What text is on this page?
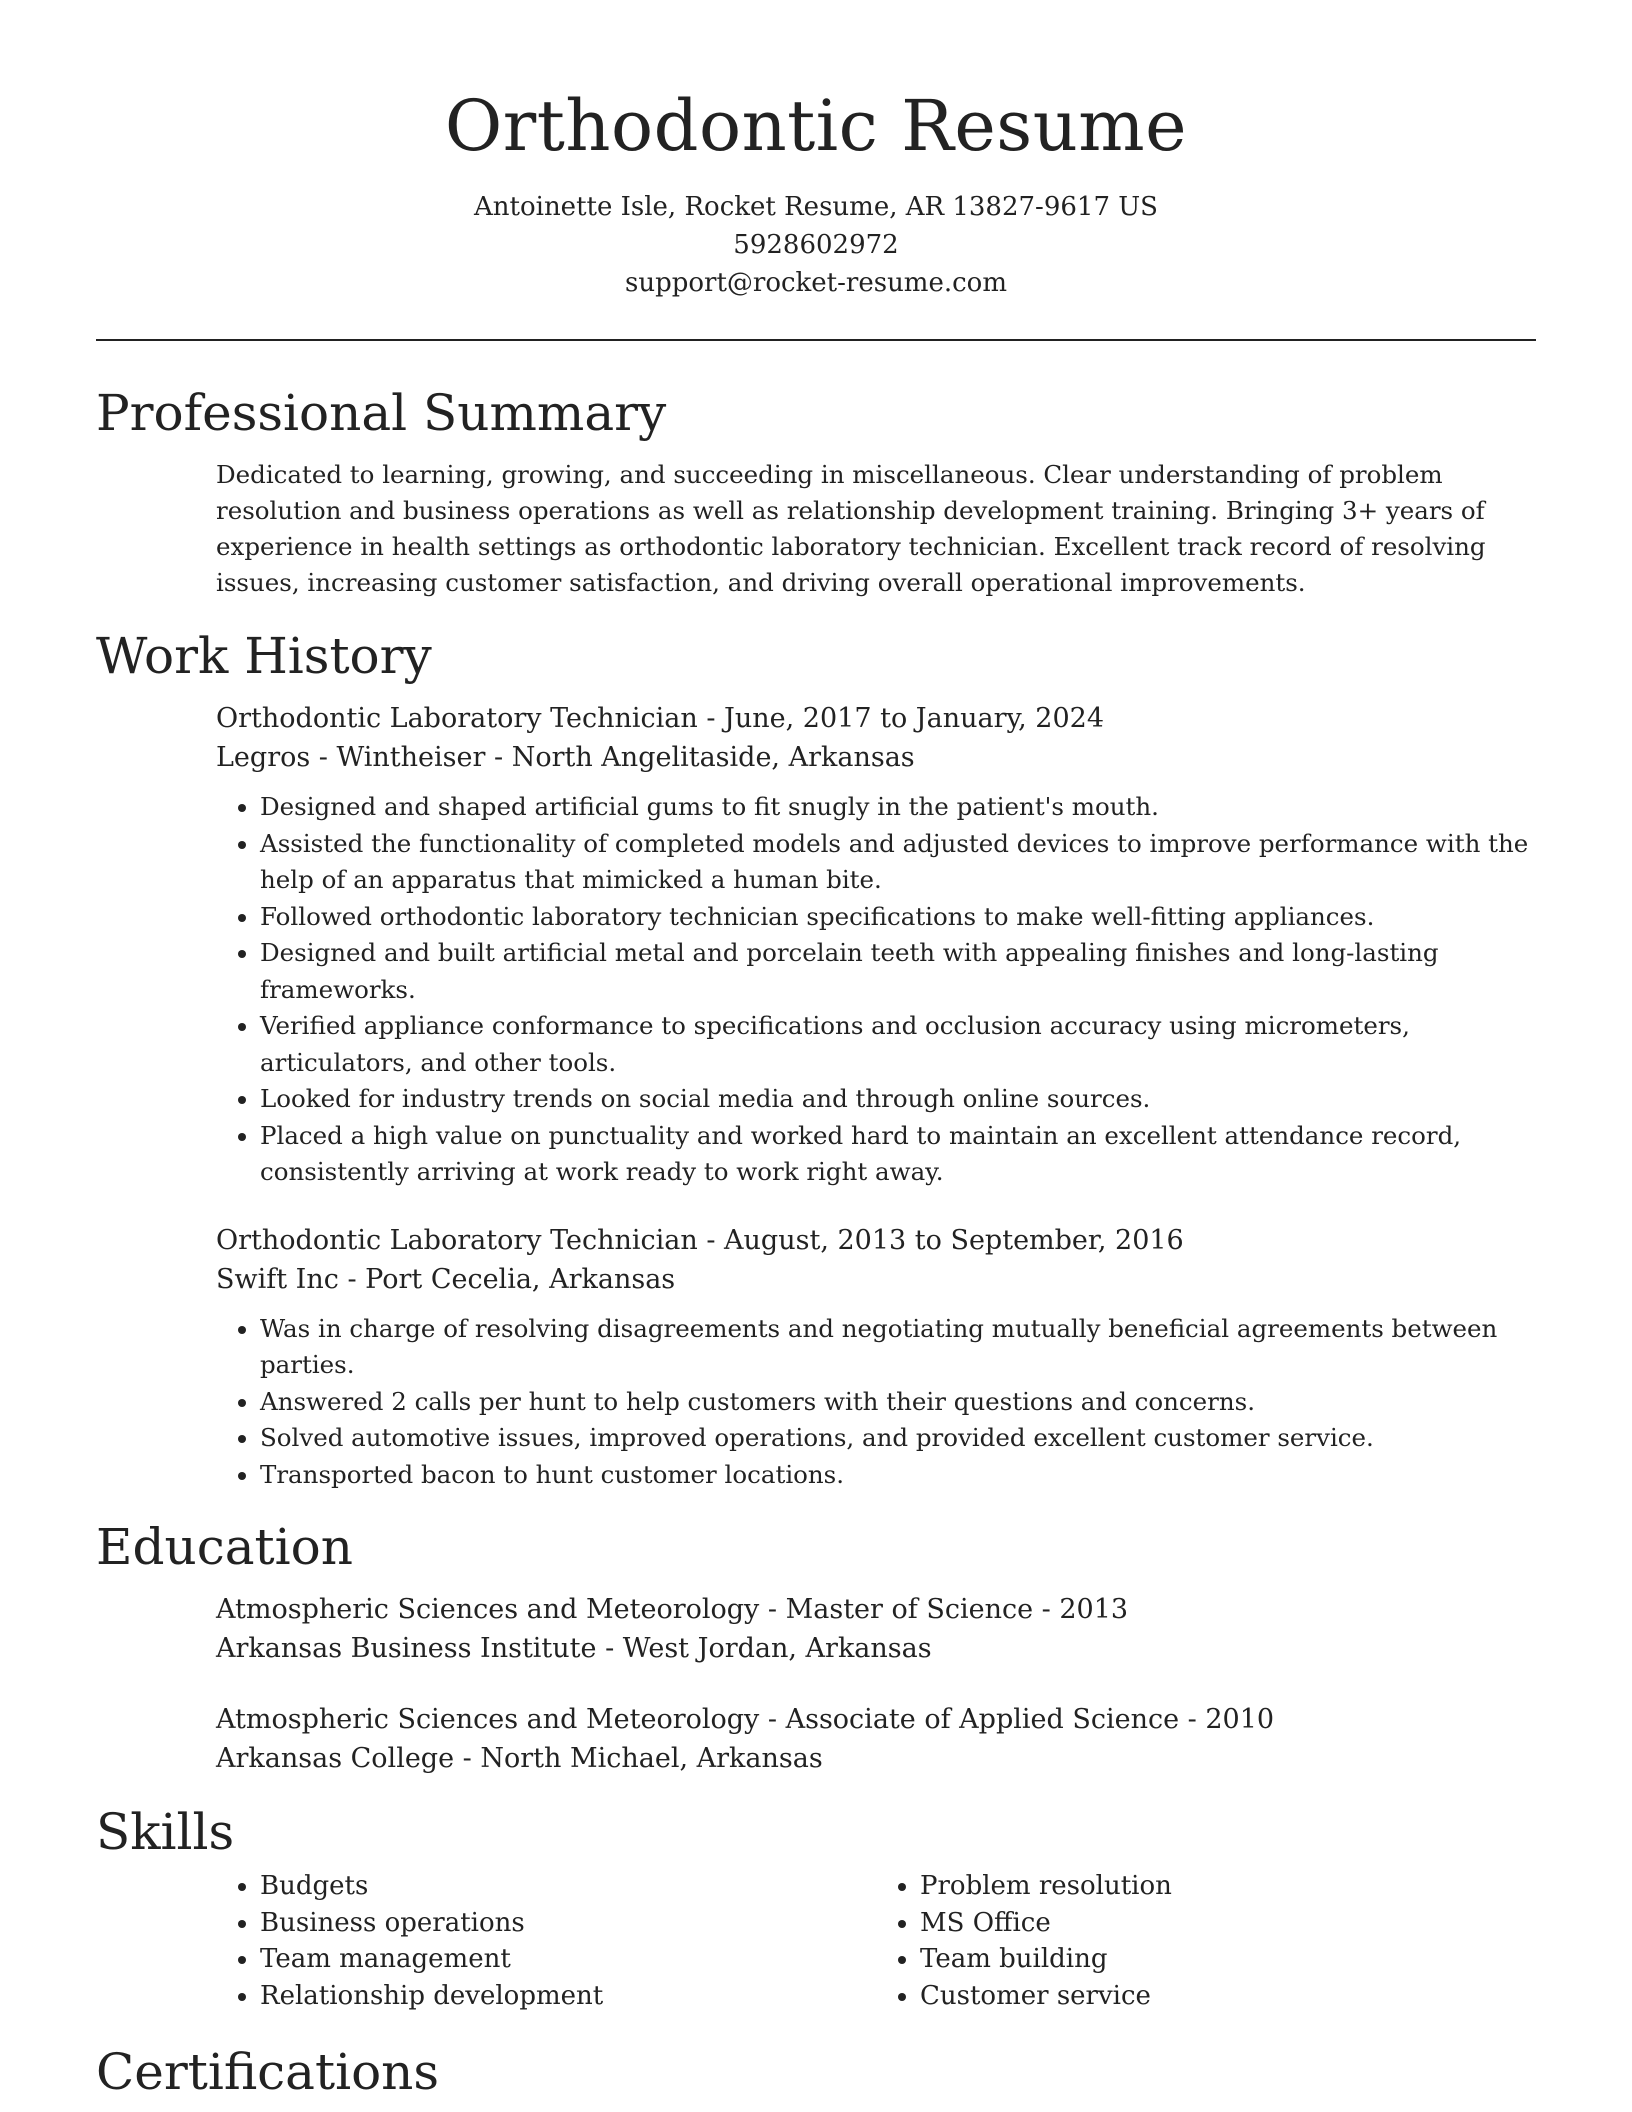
Orthodontic Resume
Antoinette Isle, Rocket Resume, AR 13827-9617 US
5928602972
support@rocket-resume.com
Professional Summary

Dedicated to learning, growing, and succeeding in miscellaneous. Clear understanding of problem resolution and business operations as well as relationship development training. Bringing 3+ years of experience in health settings as orthodontic laboratory technician. Excellent track record of resolving issues, increasing customer satisfaction, and driving overall operational improvements.

Work History
Orthodontic Laboratory Technician - June, 2017 to January, 2024
Legros - Wintheiser - North Angelitaside, Arkansas
• Designed and shaped artificial gums to fit snugly in the patient's mouth.
• Assisted the functionality of completed models and adjusted devices to improve performance with the help of an apparatus that mimicked a human bite.
• Followed orthodontic laboratory technician specifications to make well-fitting appliances.
• Designed and built artificial metal and porcelain teeth with appealing finishes and long-lasting frameworks.
• Verified appliance conformance to specifications and occlusion accuracy using micrometers, articulators, and other tools.
• Looked for industry trends on social media and through online sources.
• Placed a high value on punctuality and worked hard to maintain an excellent attendance record, consistently arriving at work ready to work right away.
Orthodontic Laboratory Technician - August, 2013 to September, 2016
Swift Inc - Port Cecelia, Arkansas
• Was in charge of resolving disagreements and negotiating mutually beneficial agreements between parties.
• Answered 2 calls per hunt to help customers with their questions and concerns.
• Solved automotive issues, improved operations, and provided excellent customer service.
• Transported bacon to hunt customer locations.
Education
Atmospheric Sciences and Meteorology - Master of Science - 2013
Arkansas Business Institute - West Jordan, Arkansas
Atmospheric Sciences and Meteorology - Associate of Applied Science - 2010
Arkansas College - North Michael, Arkansas
Skills
• Budgets
• Business operations
• Team management
• Relationship development
• Problem resolution
• MS Office
• Team building
• Customer service
Certifications
